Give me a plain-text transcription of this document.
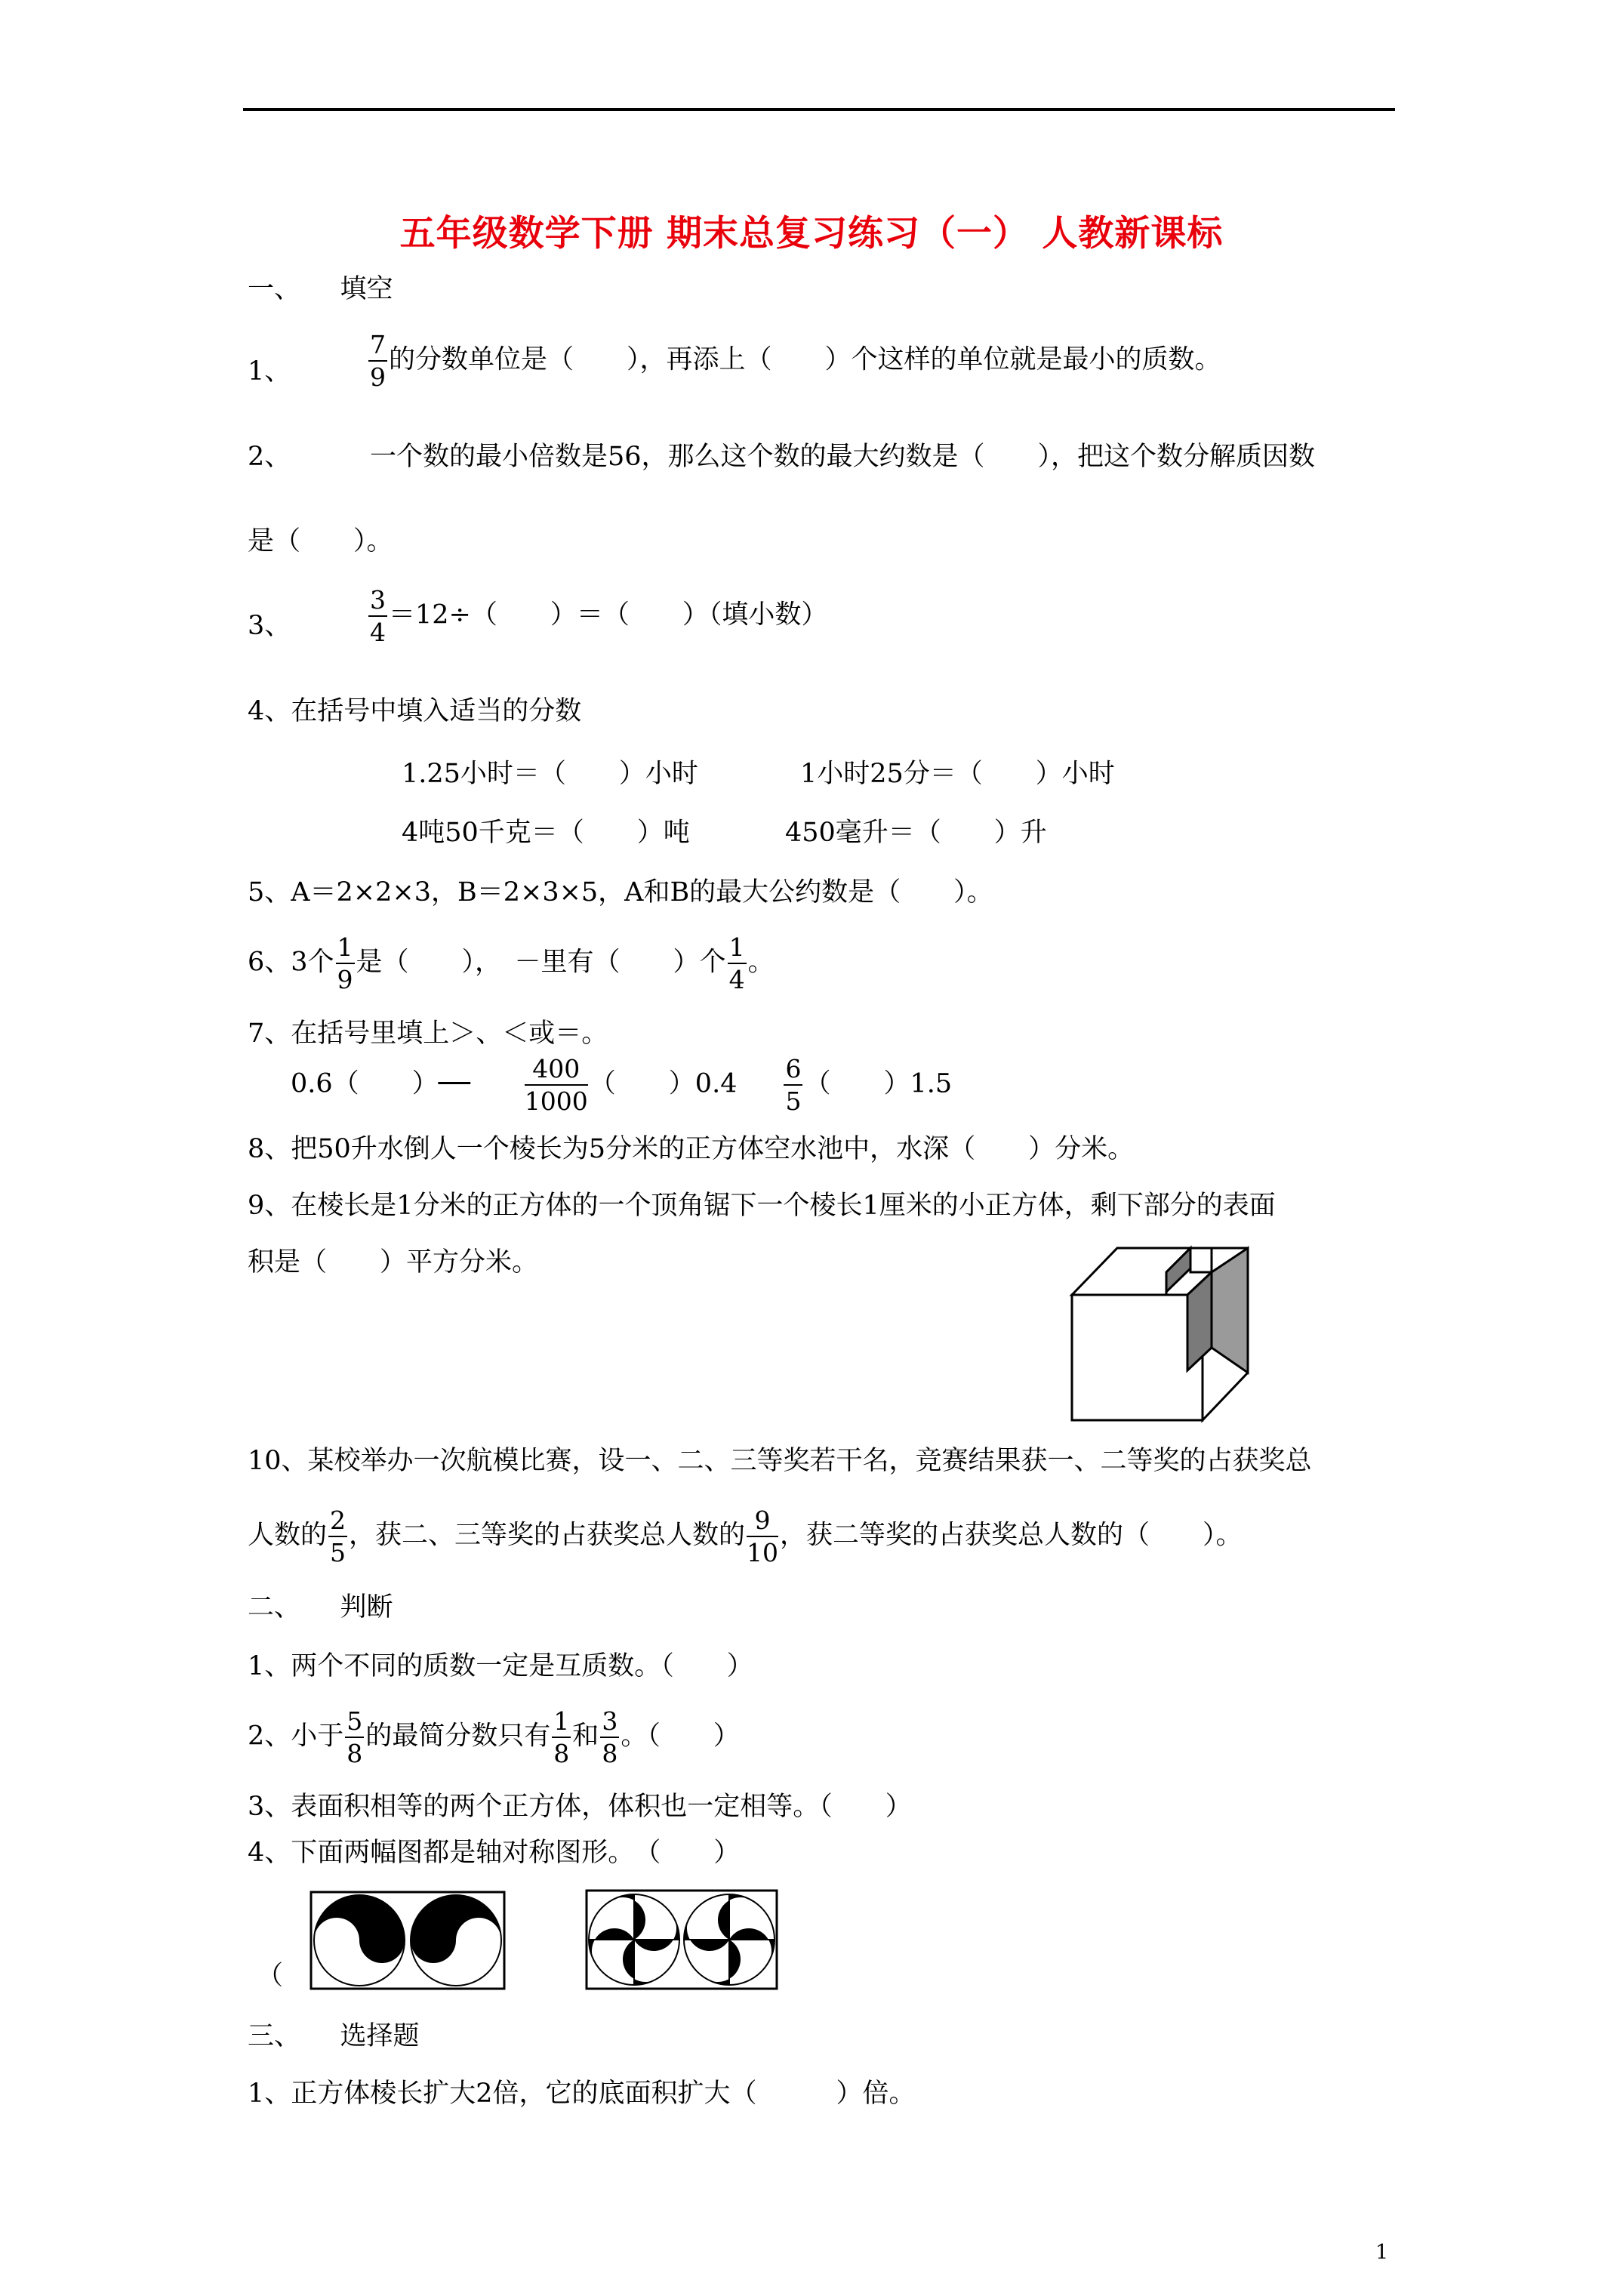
五年级数学下册 期末总复习练习（一） 人教新课标
一、　　填空
1、	$\frac{7}{9}$ 的分数单位是（　　），再添上（　　）个这样的单位就是最小的质数。
2、	一个数的最小倍数是56，那么这个数的最大约数是（　　），把这个数分解质因数
是（　　）。
3、	$\frac{3}{4} =12\div$（　　）＝（　　）（填小数）
4、在括号中填入适当的分数
1.25小时＝（　　）小时	1小时25分＝（　　）小时
4吨50千克＝（　　）吨	450毫升＝（　　）升
5、A＝2×2×3，B＝2×3×5，A和B的最大公约数是（　　）。
6、3个 $\frac{1}{9}$ 是（　　），　－里有（　　）个 $\frac{1}{4}$ 。
7、在括号里填上＞、＜或＝。
0.6（　　）── $\frac{400}{1000}$ （　　）$0.4 \frac{6}{5}$ （　　）1.5
8、把50升水倒人一个棱长为5分米的正方体空水池中，水深（　　）分米。
9、在棱长是1分米的正方体的一个顶角锯下一个棱长1厘米的小正方体，剩下部分的表面
积是（　　）平方分米。
10、某校举办一次航模比赛，设一、二、三等奖若干名，竞赛结果获一、二等奖的占获奖总
人数的 $\frac{2}{5}$ ，获二、三等奖的占获奖总人数的 $\frac{9}{10}$ ，获二等奖的占获奖总人数的（　　）。
二、　　判断
1、两个不同的质数一定是互质数。（　　）
2、小于 $\frac{5}{8}$ 的最简分数只有 $\frac{1}{8}$ 和 $\frac{3}{8}$ 。（　　）
3、表面积相等的两个正方体，体积也一定相等。（　　）
4、下面两幅图都是轴对称图形。　（　　）
（
三、　　选择题
1、正方体棱长扩大2倍，它的底面积扩大（　　　）倍。
1
